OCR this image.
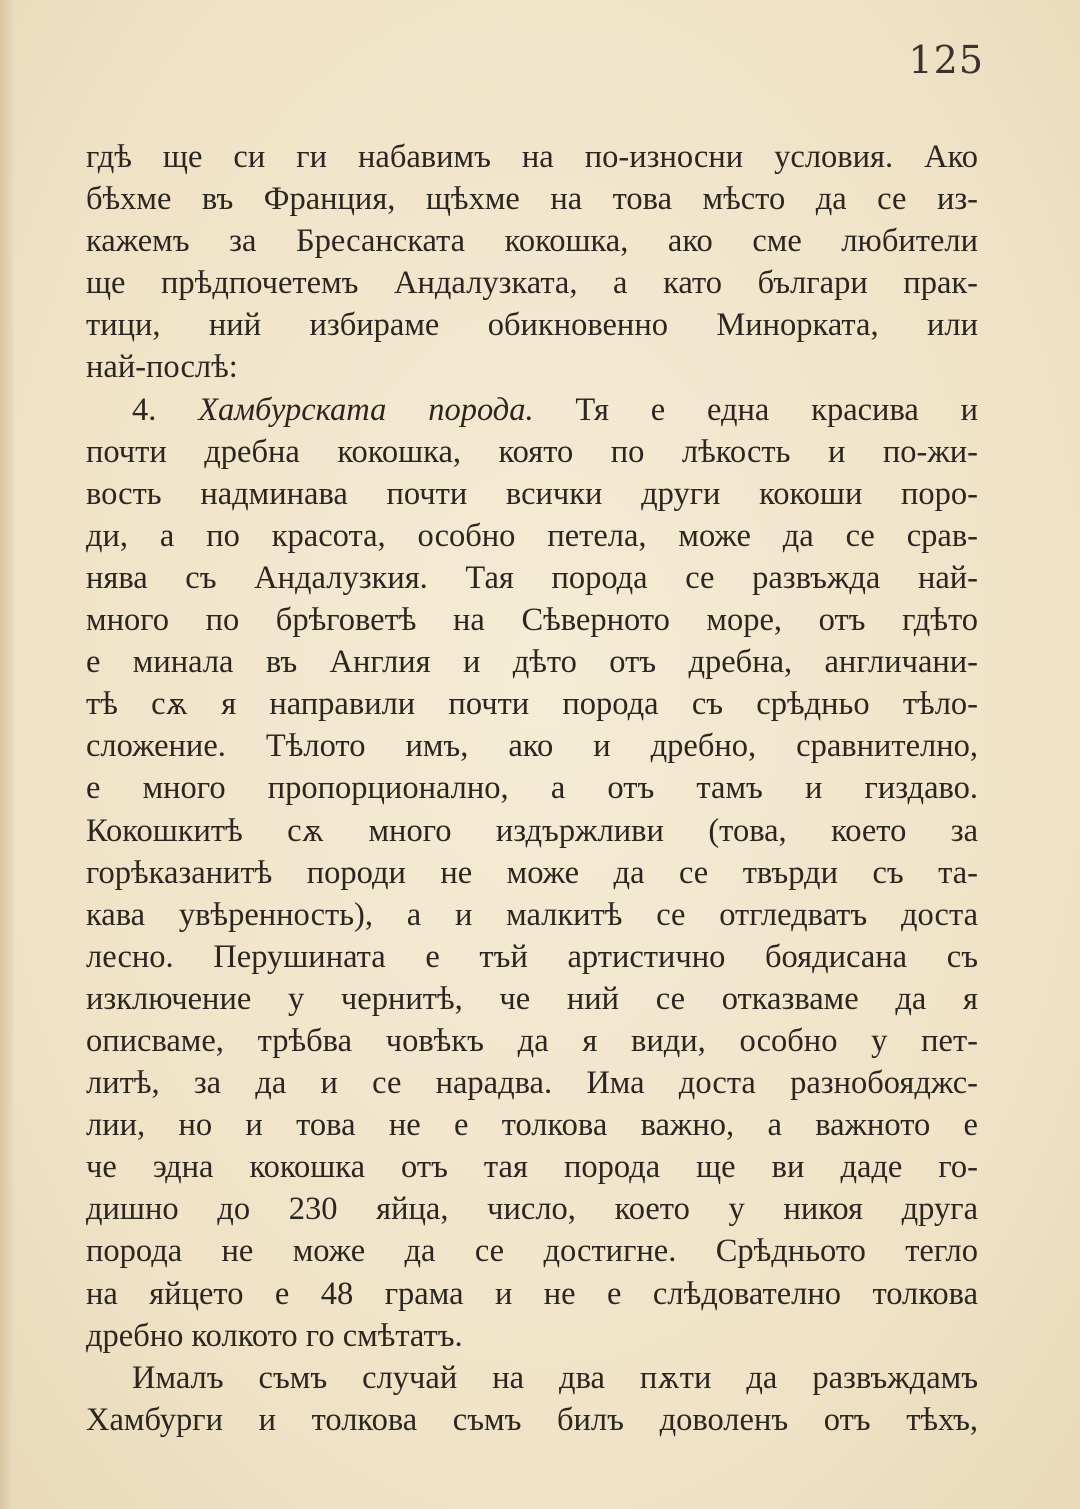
125
гдѣ ще си ги набавимъ на по-износни условия. Ако
бѣхме въ Франция, щѣхме на това мѣсто да се из-
кажемъ за Бресанската кокошка, ако сме любители
ще прѣдпочетемъ Андалузката, а като българи прак-
тици, ний избираме обикновенно Минорката, или
най-послѣ:
4. Хамбурската порода. Тя е една красива и
почти дребна кокошка, която по лѣкость и по-жи-
вость надминава почти всички други кокоши поро-
ди, а по красота, особно петела, може да се срав-
нява съ Андалузкия. Тая порода се развъжда най-
много по брѣговетѣ на Сѣверното море, отъ гдѣто
е минала въ Англия и дѣто отъ дребна, англичани-
тѣ сѫ я направили почти порода съ срѣдньо тѣло-
сложение. Тѣлото имъ, ако и дребно, сравнително,
е много пропорционално, а отъ тамъ и гиздаво.
Кокошкитѣ сѫ много издържливи (това, което за
горѣказанитѣ породи не може да се твърди съ та-
кава увѣренность), а и малкитѣ се отгледватъ доста
лесно. Перушината е тъй артистично боядисана съ
изключение у чернитѣ, че ний се отказваме да я
описваме, трѣбва човѣкъ да я види, особно у пет-
литѣ, за да и се нарадва. Има доста разнобояджс-
лии, но и това не е толкова важно, а важното е
че эдна кокошка отъ тая порода ще ви даде го-
дишно до 230 яйца, число, което у никоя друга
порода не може да се достигне. Срѣдньото тегло
на яйцето е 48 грама и не е слѣдователно толкова
дребно колкото го смѣтатъ.
Ималъ съмъ случай на два пѫти да развъждамъ
Хамбурги и толкова съмъ билъ доволенъ отъ тѣхъ,
